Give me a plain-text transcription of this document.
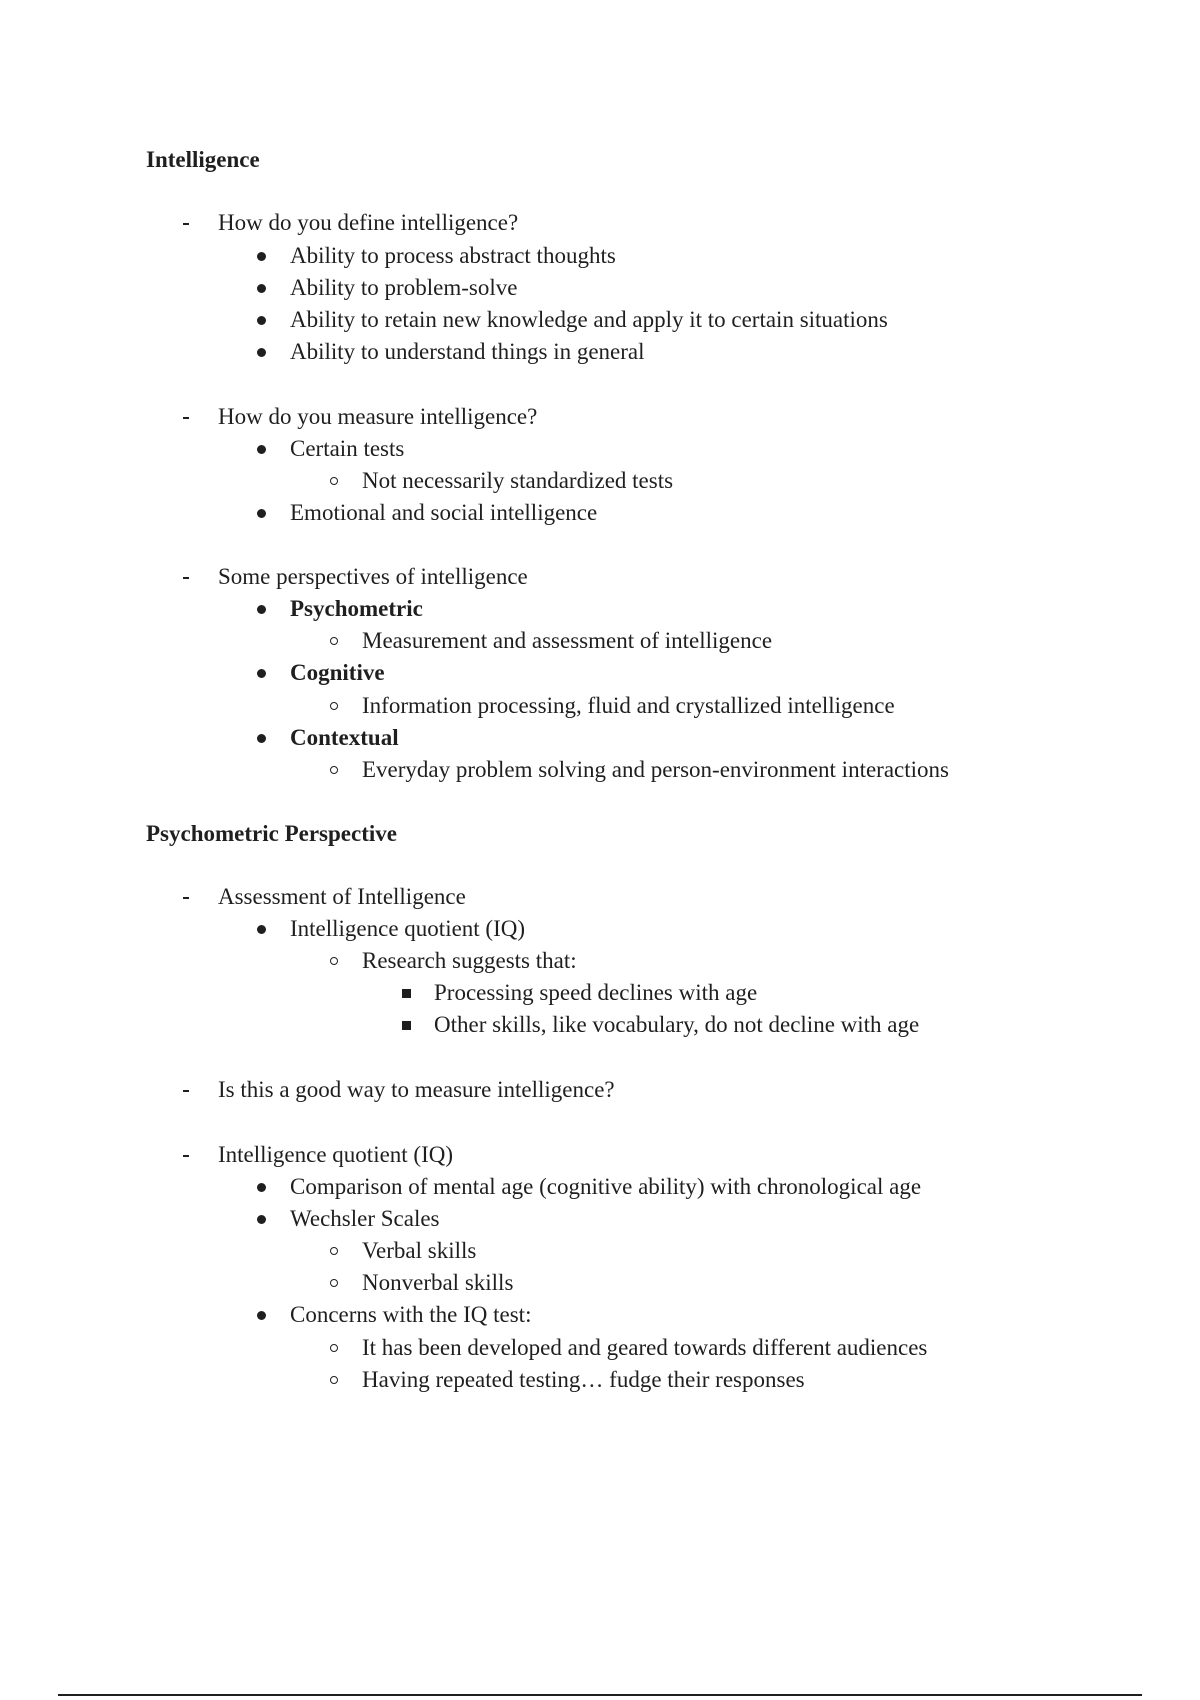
Intelligence
How do you define intelligence?
Ability to process abstract thoughts
Ability to problem-solve
Ability to retain new knowledge and apply it to certain situations
Ability to understand things in general
How do you measure intelligence?
Certain tests
Not necessarily standardized tests
Emotional and social intelligence
Some perspectives of intelligence
Psychometric
Measurement and assessment of intelligence
Cognitive
Information processing, fluid and crystallized intelligence
Contextual
Everyday problem solving and person-environment interactions
Psychometric Perspective
Assessment of Intelligence
Intelligence quotient (IQ)
Research suggests that:
Processing speed declines with age
Other skills, like vocabulary, do not decline with age
Is this a good way to measure intelligence?
Intelligence quotient (IQ)
Comparison of mental age (cognitive ability) with chronological age
Wechsler Scales
Verbal skills
Nonverbal skills
Concerns with the IQ test:
It has been developed and geared towards different audiences
Having repeated testing… fudge their responses
